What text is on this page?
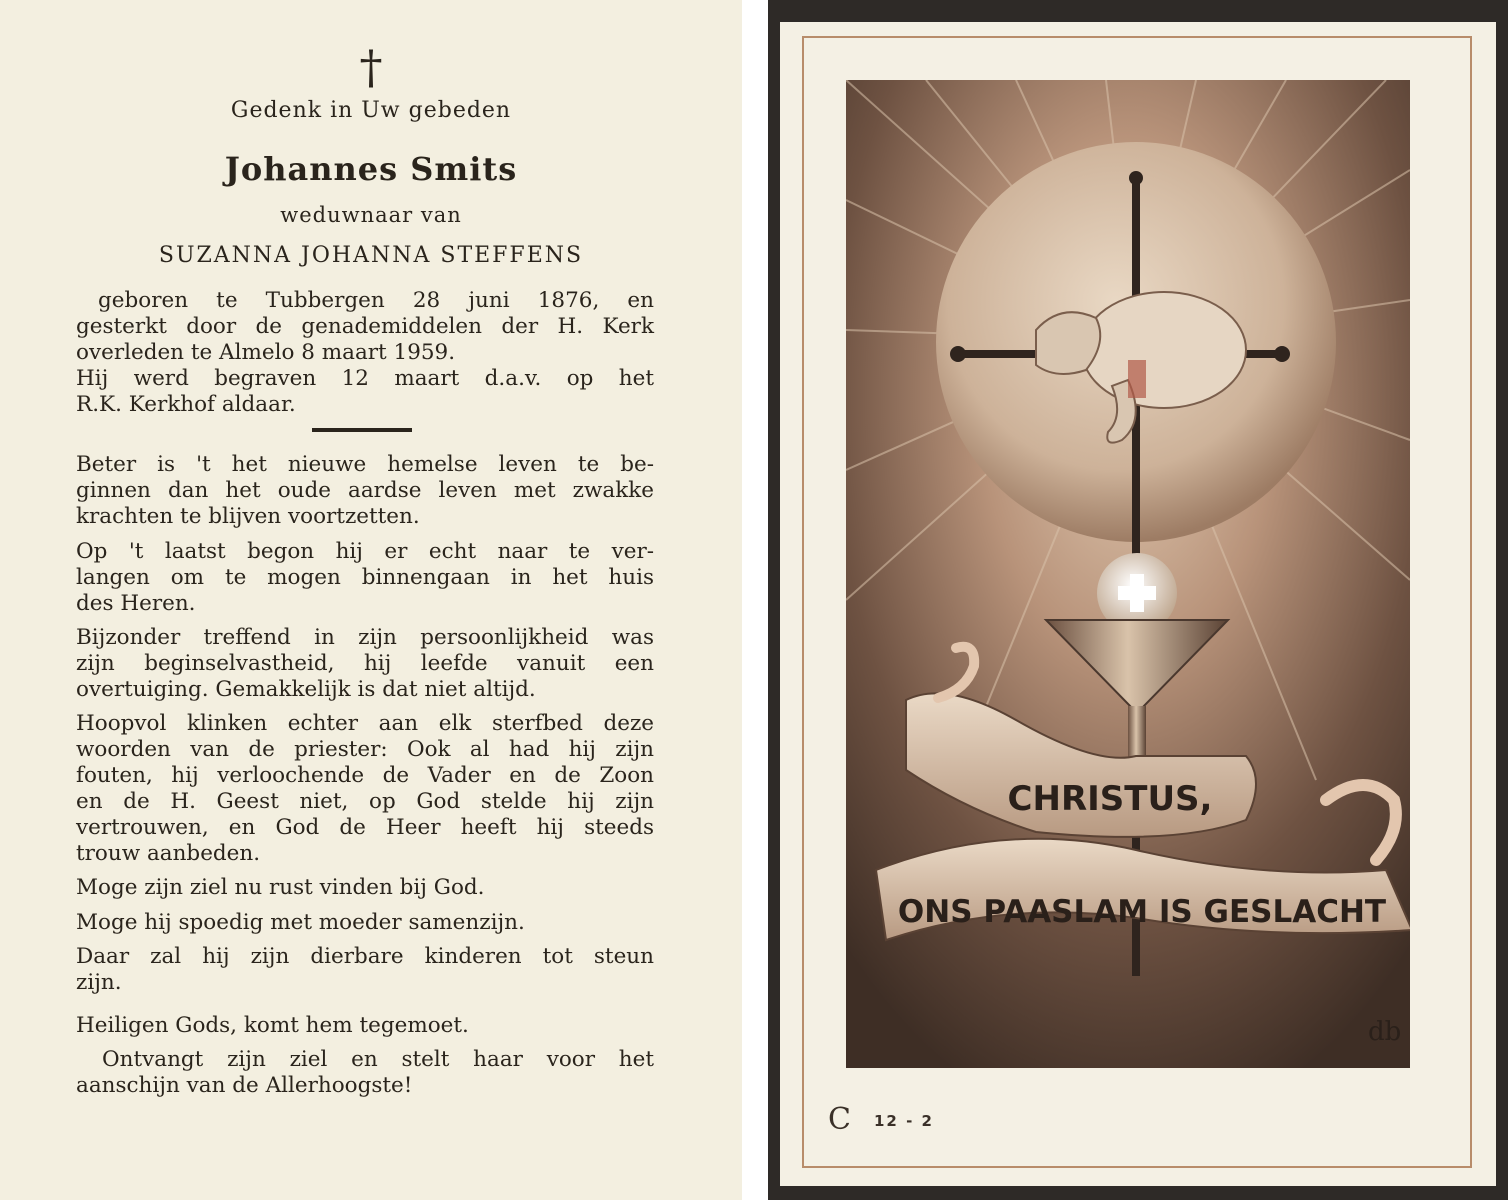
†
Gedenk in Uw gebeden
Johannes Smits
weduwnaar van
SUZANNA JOHANNA STEFFENS
geboren te Tubbergen 28 juni 1876, en
gesterkt door de genademiddelen der H. Kerk
overleden te Almelo 8 maart 1959.
Hij werd begraven 12 maart d.a.v. op het
R.K. Kerkhof aldaar.
Beter is 't het nieuwe hemelse leven te be-
ginnen dan het oude aardse leven met zwakke
krachten te blijven voortzetten.
Op 't laatst begon hij er echt naar te ver-
langen om te mogen binnengaan in het huis
des Heren.
Bijzonder treffend in zijn persoonlijkheid was
zijn beginselvastheid, hij leefde vanuit een
overtuiging. Gemakkelijk is dat niet altijd.
Hoopvol klinken echter aan elk sterfbed deze
woorden van de priester: Ook al had hij zijn
fouten, hij verloochende de Vader en de Zoon
en de H. Geest niet, op God stelde hij zijn
vertrouwen, en God de Heer heeft hij steeds
trouw aanbeden.
Moge zijn ziel nu rust vinden bij God.
Moge hij spoedig met moeder samenzijn.
Daar zal hij zijn dierbare kinderen tot steun
zijn.
Heiligen Gods, komt hem tegemoet.
Ontvangt zijn ziel en stelt haar voor het
aanschijn van de Allerhoogste!
CHRISTUS,
ONS PAASLAM IS GESLACHT
db
C 12 - 2
